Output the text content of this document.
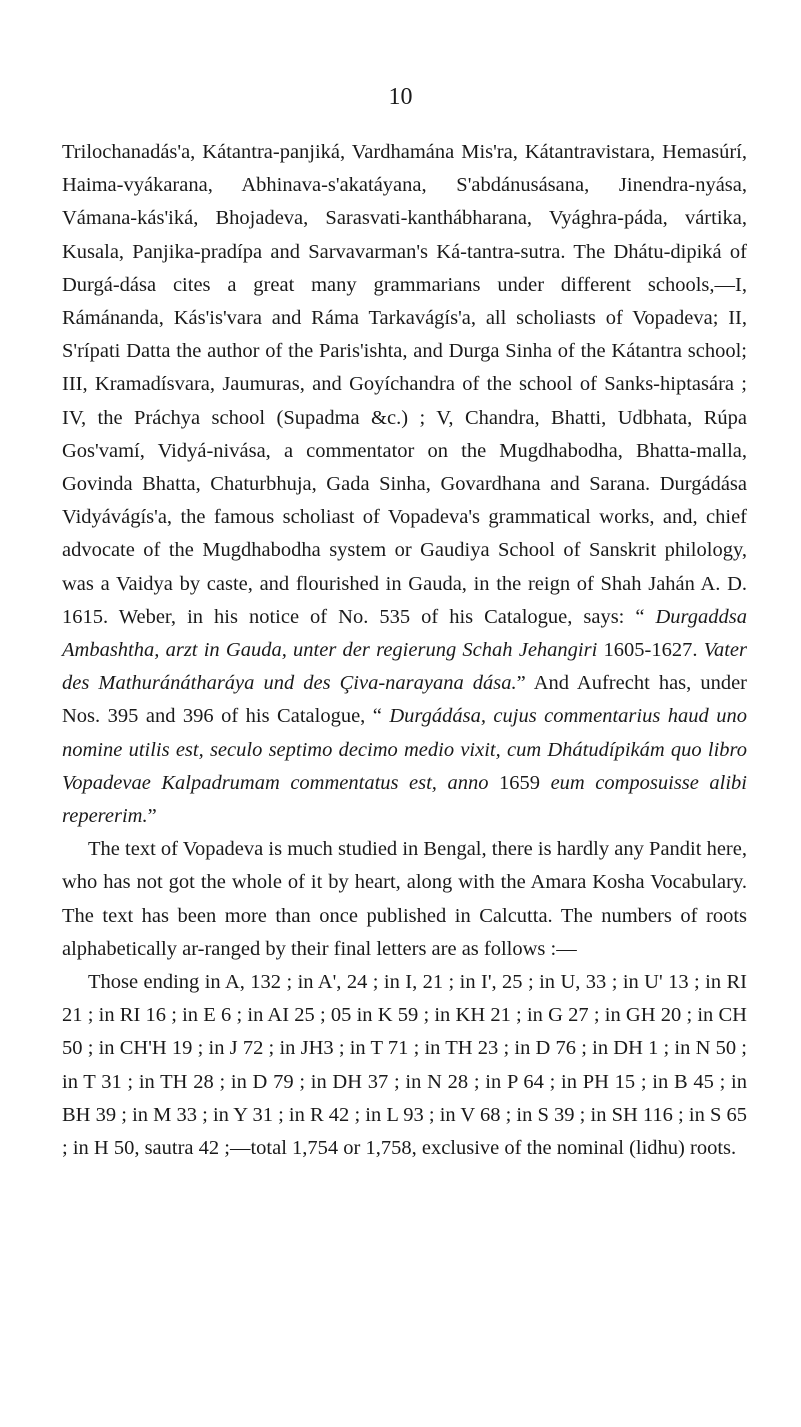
10

Trilochanadás'a, Kátantra-panjiká, Vardhamána Mis'ra, Kátantravistara, Hemasúrí, Haima-vyákarana, Abhinava-s'akatáyana, S'abdánusásana, Jinendra-nyása, Vámana-kás'iká, Bhojadeva, Sarasvati-kanthábharana, Vyághra-páda, vártika, Kusala, Panjika-pradípa and Sarvavarman's Ká-tantra-sutra. The Dhátu-dipiká of Durgá-dása cites a great many grammarians under different schools,—I, Rámánanda, Kás'is'vara and Ráma Tarkavágís'a, all scholiasts of Vopadeva; II, S'rípati Datta the author of the Paris'ishta, and Durga Sinha of the Kátantra school; III, Kramadísvara, Jaumuras, and Goyíchandra of the school of Sanks-hiptasára ; IV, the Práchya school (Supadma &c.) ; V, Chandra, Bhatti, Udbhata, Rúpa Gos'vamí, Vidyá-nivása, a commentator on the Mugdhabodha, Bhatta-malla, Govinda Bhatta, Chaturbhuja, Gada Sinha, Govardhana and Sarana. Durgádása Vidyávágís'a, the famous scholiast of Vopadeva's grammatical works, and, chief advocate of the Mugdhabodha system or Gaudiya School of Sanskrit philology, was a Vaidya by caste, and flourished in Gauda, in the reign of Shah Jahán A. D. 1615. Weber, in his notice of No. 535 of his Catalogue, says: “ Durgaddsa Ambashtha, arzt in Gauda, unter der regierung Schah Jehangiri 1605-1627. Vater des Mathuránátharáya und des Çiva-narayana dása.” And Aufrecht has, under Nos. 395 and 396 of his Catalogue, “ Durgádása, cujus commentarius haud uno nomine utilis est, seculo septimo decimo medio vixit, cum Dhátudípikám quo libro Vopadevae Kalpadrumam commentatus est, anno 1659 eum composuisse alibi repererim.”

The text of Vopadeva is much studied in Bengal, there is hardly any Pandit here, who has not got the whole of it by heart, along with the Amara Kosha Vocabulary. The text has been more than once published in Calcutta. The numbers of roots alphabetically ar-ranged by their final letters are as follows :—

Those ending in A, 132 ; in A', 24 ; in I, 21 ; in I', 25 ; in U, 33 ; in U' 13 ; in RI 21 ; in RI 16 ; in E 6 ; in AI 25 ; 05 in K 59 ; in KH 21 ; in G 27 ; in GH 20 ; in CH 50 ; in CH'H 19 ; in J 72 ; in JH3 ; in T 71 ; in TH 23 ; in D 76 ; in DH 1 ; in N 50 ; in T 31 ; in TH 28 ; in D 79 ; in DH 37 ; in N 28 ; in P 64 ; in PH 15 ; in B 45 ; in BH 39 ; in M 33 ; in Y 31 ; in R 42 ; in L 93 ; in V 68 ; in S 39 ; in SH 116 ; in S 65 ; in H 50, sautra 42 ;—total 1,754 or 1,758, exclusive of the nominal (lidhu) roots.
